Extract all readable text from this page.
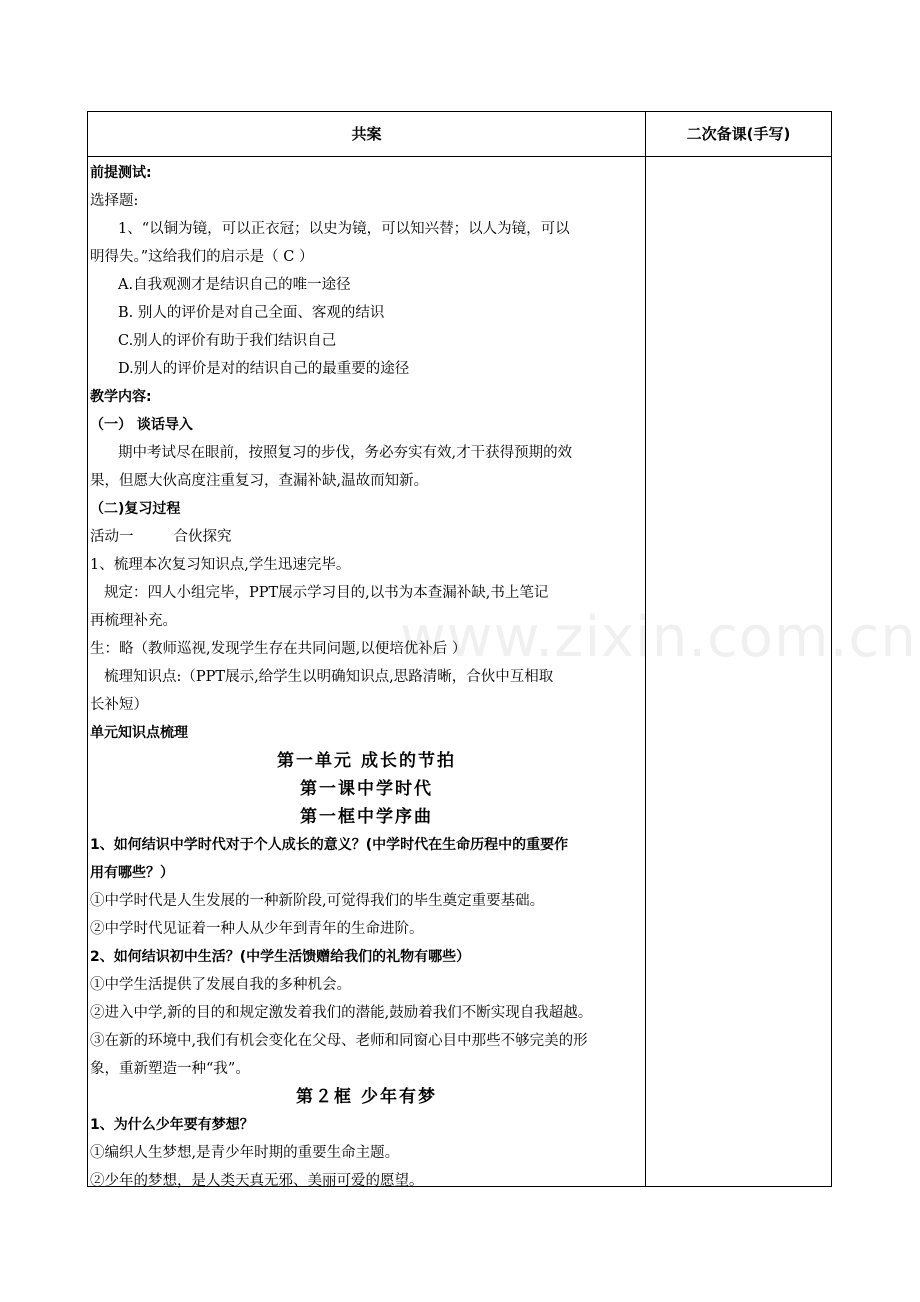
共案	二次备课(手写)
前提测试:
选择题:
1、“以铜为镜，可以正衣冠；以史为镜，可以知兴替；以人为镜，可以
明得失。”这给我们的启示是（ C ）
A.自我观测才是结识自己的唯一途径
B. 别人的评价是对自己全面、客观的结识
C.别人的评价有助于我们结识自己
D.别人的评价是对的结识自己的最重要的途径
教学内容:
（一） 谈话导入
期中考试尽在眼前，按照复习的步伐，务必夯实有效,才干获得预期的效
果，但愿大伙高度注重复习，查漏补缺,温故而知新。
（二)复习过程
活动一	合伙探究
1、梳理本次复习知识点,学生迅速完毕。
规定：四人小组完毕，PPT展示学习目的,以书为本查漏补缺,书上笔记
再梳理补充。
生：略（教师巡视,发现学生存在共同问题,以便培优补后 ）
梳理知识点:（PPT展示,给学生以明确知识点,思路清晰，合伙中互相取
长补短）
单元知识点梳理
第一单元 成长的节拍
第一课中学时代
第一框中学序曲
1、如何结识中学时代对于个人成长的意义？(中学时代在生命历程中的重要作
用有哪些？）
①中学时代是人生发展的一种新阶段,可觉得我们的毕生奠定重要基础。
②中学时代见证着一种人从少年到青年的生命进阶。
2、如何结识初中生活？(中学生活馈赠给我们的礼物有哪些）
①中学生活提供了发展自我的多种机会。
②进入中学,新的目的和规定激发着我们的潜能,鼓励着我们不断实现自我超越。
③在新的环境中,我们有机会变化在父母、老师和同窗心目中那些不够完美的形
象，重新塑造一种“我”。
第２框 少年有梦
1、为什么少年要有梦想？
①编织人生梦想,是青少年时期的重要生命主题。
②少年的梦想，是人类天真无邪、美丽可爱的愿望。
www.zixin.com.cn
